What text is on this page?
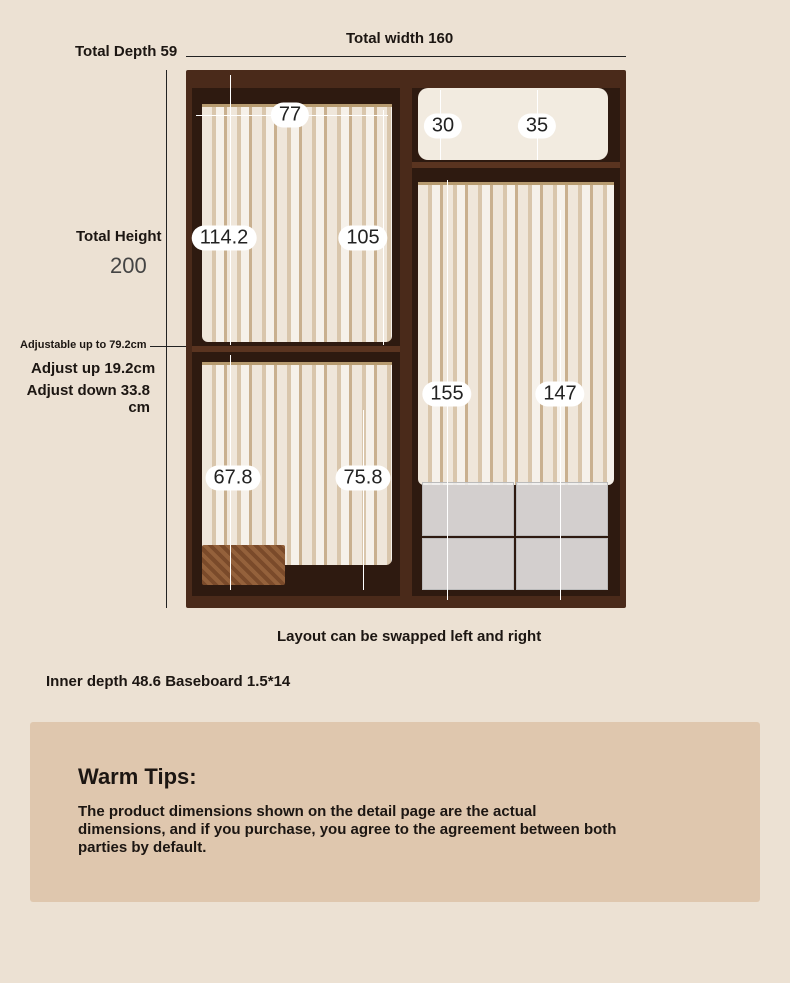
Total Depth 59
Total width 160
Total Height
200
Adjustable up to 79.2cm
Adjust up 19.2cm
Adjust down 33.8 cm
77	30	35
114.2	105
155	147
67.8	75.8
Layout can be swapped left and right
Inner depth 48.6 Baseboard 1.5*14
Warm Tips:
The product dimensions shown on the detail page are the actual dimensions, and if you purchase, you agree to the agreement between both parties by default.
